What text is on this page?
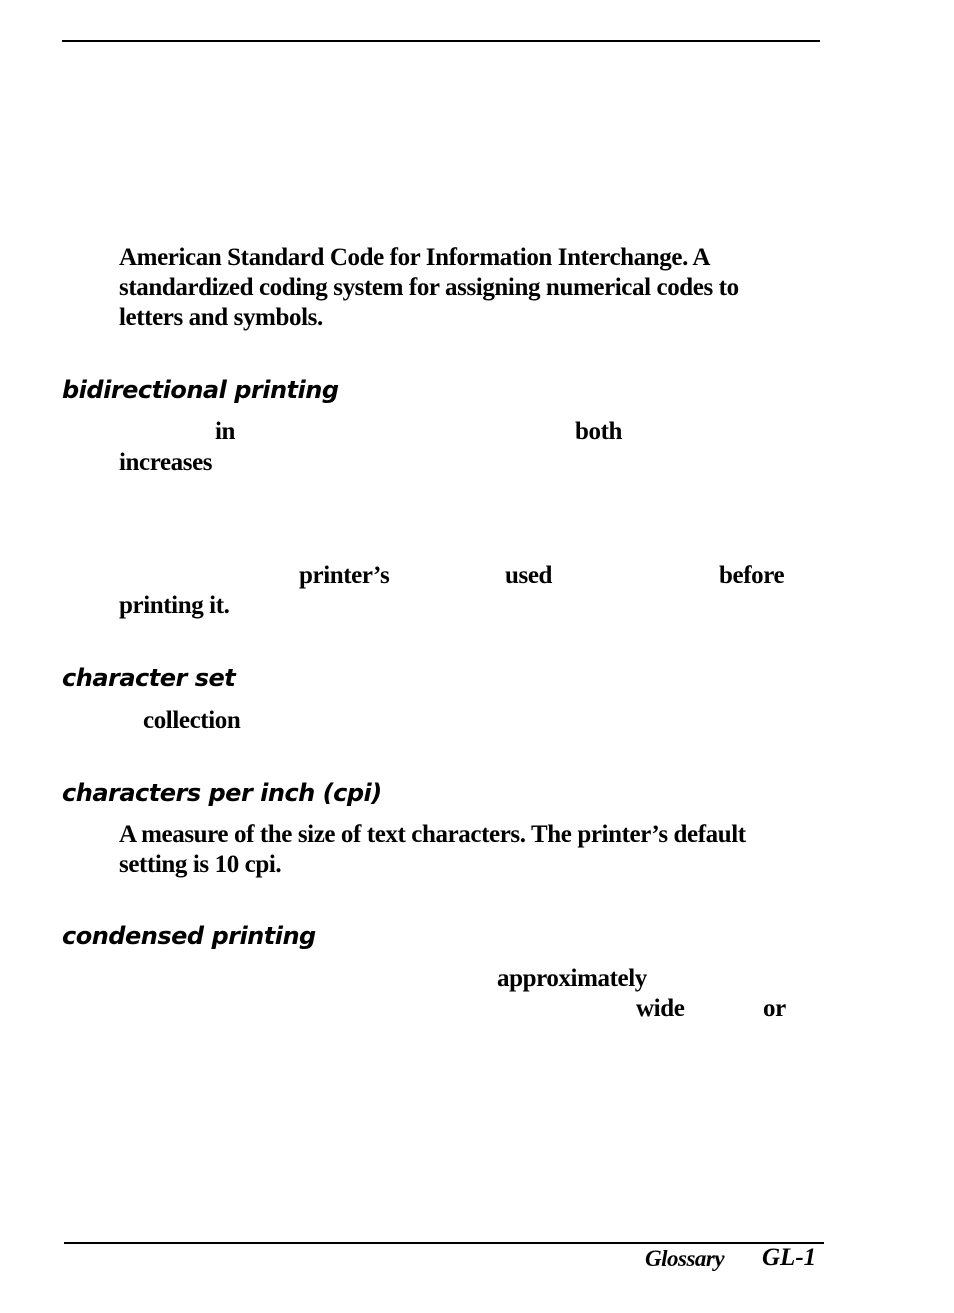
American Standard Code for Information Interchange. A
standardized coding system for assigning numerical codes to
letters and symbols.
bidirectional printing
in	both
increases
printer’s	used	before
printing it.
character set
collection
characters per inch (cpi)
A measure of the size of text characters. The printer’s default
setting is 10 cpi.
condensed printing
approximately
wide	or
Glossary GL-1
